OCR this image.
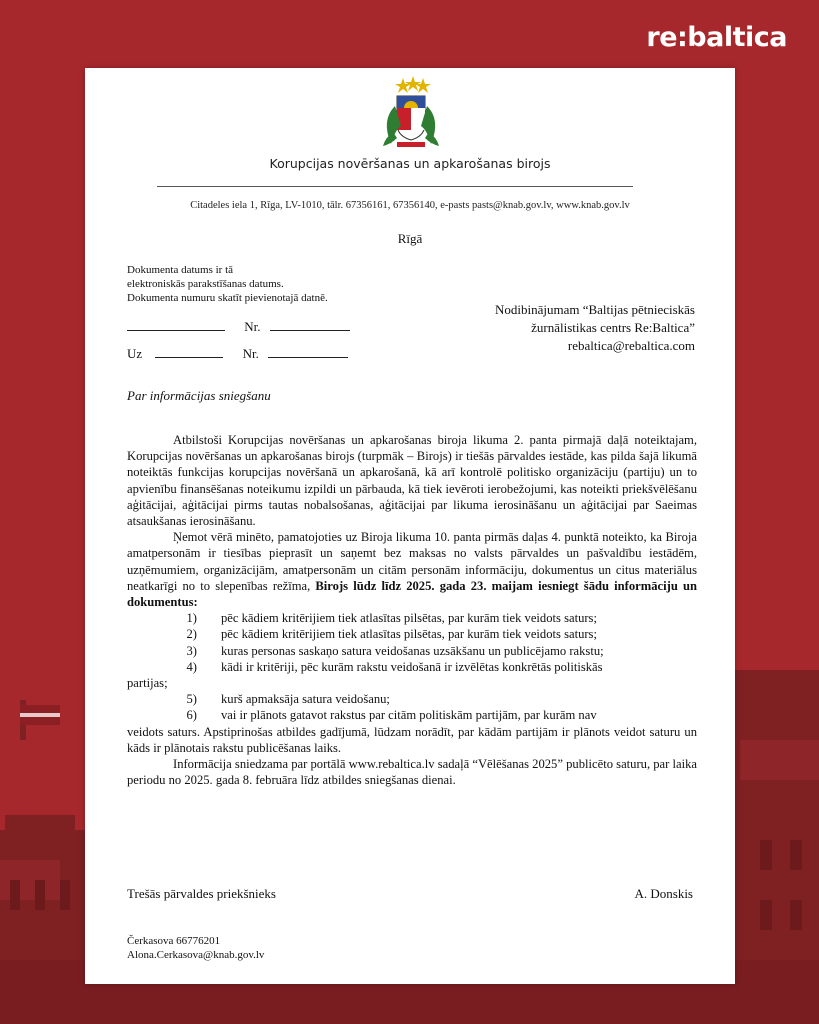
re:baltica
Korupcijas novēršanas un apkarošanas birojs
Citadeles iela 1, Rīga, LV-1010, tālr. 67356161, 67356140, e-pasts pasts@knab.gov.lv, www.knab.gov.lv
Rīgā
Dokumenta datums ir tā
elektroniskās parakstīšanas datums.
Dokumenta numuru skatīt pievienotajā datnē.
Nr.
Uz	Nr.
Nodibinājumam “Baltijas pētnieciskās
žurnālistikas centrs Re:Baltica”
rebaltica@rebaltica.com
Par informācijas sniegšanu

Atbilstoši Korupcijas novēršanas un apkarošanas biroja likuma 2. panta pirmajā daļā noteiktajam, Korupcijas novēršanas un apkarošanas birojs (turpmāk – Birojs) ir tiešās pārvaldes iestāde, kas pilda šajā likumā noteiktās funkcijas korupcijas novēršanā un apkarošanā, kā arī kontrolē politisko organizāciju (partiju) un to apvienību finansēšanas noteikumu izpildi un pārbauda, kā tiek ievēroti ierobežojumi, kas noteikti priekšvēlēšanu aģitācijai, aģitācijai pirms tautas nobalsošanas, aģitācijai par likuma ierosināšanu un aģitācijai par Saeimas atsaukšanas ierosināšanu.

Ņemot vērā minēto, pamatojoties uz Biroja likuma 10. panta pirmās daļas 4. punktā noteikto, ka Biroja amatpersonām ir tiesības pieprasīt un saņemt bez maksas no valsts pārvaldes un pašvaldību iestādēm, uzņēmumiem, organizācijām, amatpersonām un citām personām informāciju, dokumentus un citus materiālus neatkarīgi no to slepenības režīma, Birojs lūdz līdz 2025. gada 23. maijam iesniegt šādu informāciju un dokumentus:

1)	pēc kādiem kritērijiem tiek atlasītas pilsētas, par kurām tiek veidots saturs;
2)	pēc kādiem kritērijiem tiek atlasītas pilsētas, par kurām tiek veidots saturs;
3)	kuras personas saskaņo satura veidošanas uzsākšanu un publicējamo rakstu;
4)	kādi ir kritēriji, pēc kurām rakstu veidošanā ir izvēlētas konkrētās politiskās

partijas;

5)	kurš apmaksāja satura veidošanu;
6)	vai ir plānots gatavot rakstus par citām politiskām partijām, par kurām nav

veidots saturs. Apstiprinošas atbildes gadījumā, lūdzam norādīt, par kādām partijām ir plānots veidot saturu un kāds ir plānotais rakstu publicēšanas laiks.

Informācija sniedzama par portālā www.rebaltica.lv sadaļā “Vēlēšanas 2025” publicēto saturu, par laika periodu no 2025. gada 8. februāra līdz atbildes sniegšanas dienai.

Trešās pārvaldes priekšnieks	A. Donskis
Čerkasova 66776201
Alona.Cerkasova@knab.gov.lv
